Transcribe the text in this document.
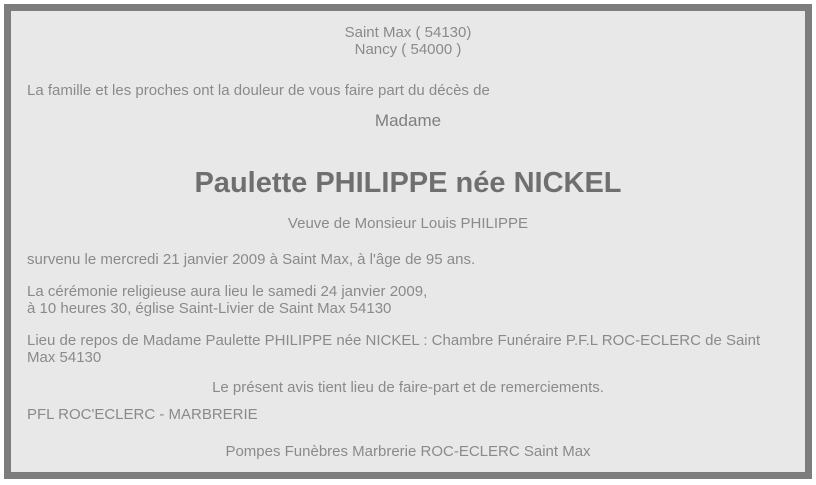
Saint Max ( 54130)

Nancy ( 54000 )

La famille et les proches ont la douleur de vous faire part du décès de

Madame

Paulette PHILIPPE née NICKEL

Veuve de Monsieur Louis PHILIPPE

survenu le mercredi 21 janvier 2009 à Saint Max, à l'âge de 95 ans.

La cérémonie religieuse aura lieu le samedi 24 janvier 2009,

à 10 heures 30, église Saint-Livier de Saint Max 54130

Lieu de repos de Madame Paulette PHILIPPE née NICKEL : Chambre Funéraire P.F.L ROC-ECLERC de Saint Max 54130

Le présent avis tient lieu de faire-part et de remerciements.

PFL ROC'ECLERC - MARBRERIE

Pompes Funèbres Marbrerie ROC-ECLERC Saint Max
